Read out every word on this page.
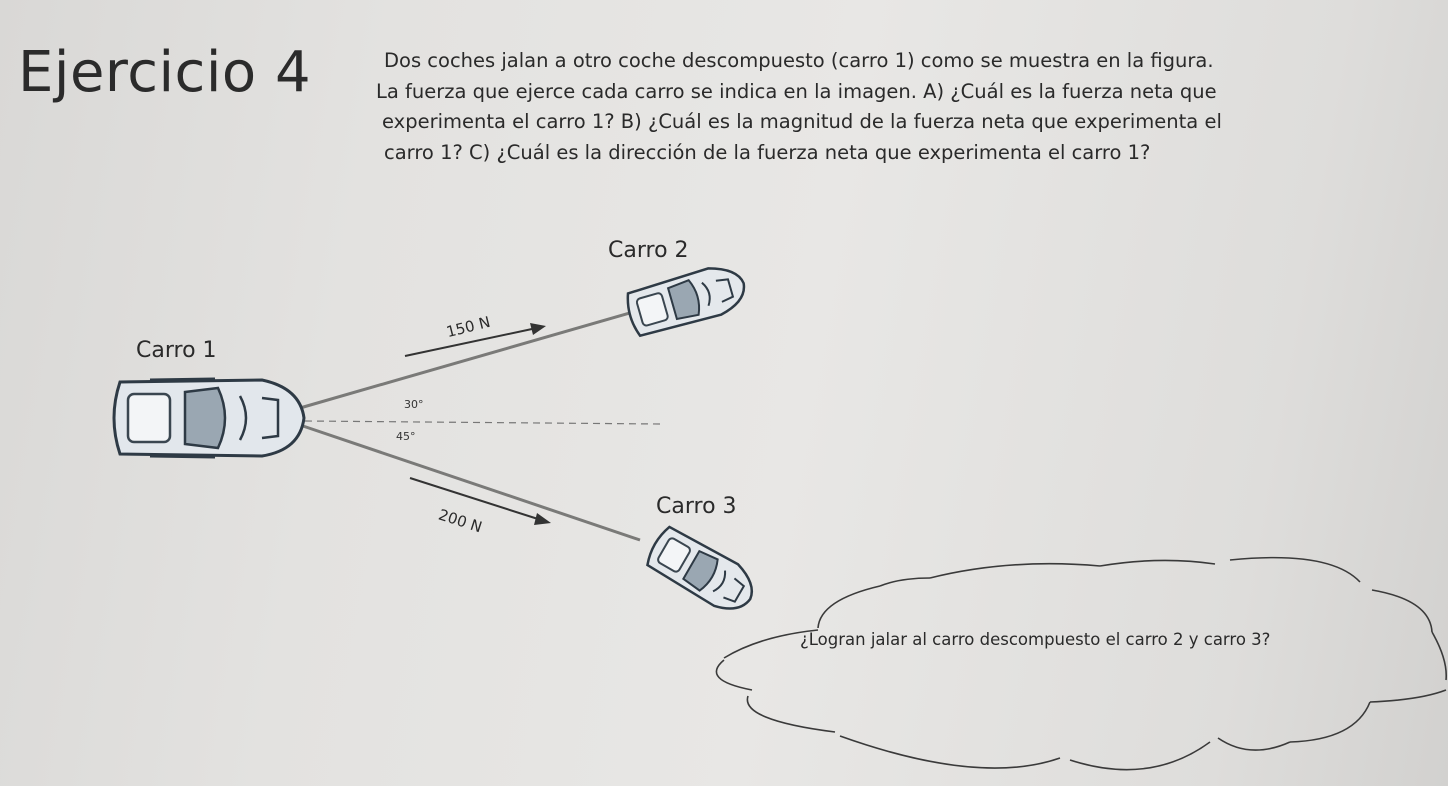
Ejercicio 4	Dos coches jalan a otro coche descompuesto (carro 1) como se muestra en la figura.
La fuerza que ejerce cada carro se indica en la imagen. A) ¿Cuál es la fuerza neta que
experimenta el carro 1? B) ¿Cuál es la magnitud de la fuerza neta que experimenta el
carro 1? C) ¿Cuál es la dirección de la fuerza neta que experimenta el carro 1?
Carro 2
Carro 1
Carro 3
150 N
200 N
30°
45°
¿Logran jalar al carro descompuesto el carro 2 y carro 3?
